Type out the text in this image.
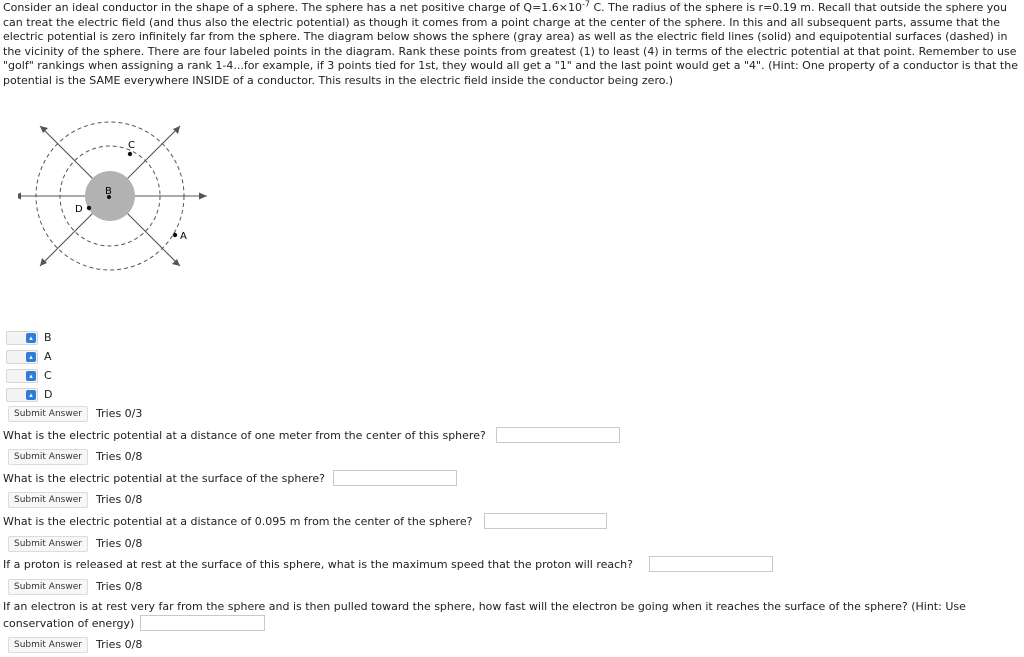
Consider an ideal conductor in the shape of a sphere. The sphere has a net positive charge of $Q=1.6\times 10^{-7}$ C. The radius of the sphere is r=0.19 m. Recall that outside the sphere you can treat the electric field (and thus also the electric potential) as though it comes from a point charge at the center of the sphere. In this and all subsequent parts, assume that the electric potential is zero infinitely far from the sphere. The diagram below shows the sphere (gray area) as well as the electric field lines (solid) and equipotential surfaces (dashed) in the vicinity of the sphere. There are four labeled points in the diagram. Rank these points from greatest (1) to least (4) in terms of the electric potential at that point. Remember to use "golf" rankings when assigning a rank 1-4...for example, if 3 points tied for 1st, they would all get a "1" and the last point would get a "4". (Hint: One property of a conductor is that the potential is the SAME everywhere INSIDE of a conductor. This results in the electric field inside the conductor being zero.)

B
D
C
A
▴ B
▴ A
▴ C
▴ D
Submit Answer	Tries 0/3
What is the electric potential at a distance of one meter from the center of this sphere?
Submit Answer	Tries 0/8
What is the electric potential at the surface of the sphere?
Submit Answer	Tries 0/8
What is the electric potential at a distance of 0.095 m from the center of the sphere?
Submit Answer	Tries 0/8
If a proton is released at rest at the surface of this sphere, what is the maximum speed that the proton will reach?
Submit Answer	Tries 0/8
If an electron is at rest very far from the sphere and is then pulled toward the sphere, how fast will the electron be going when it reaches the surface of the sphere? (Hint: Use conservation of energy)
Submit Answer	Tries 0/8
